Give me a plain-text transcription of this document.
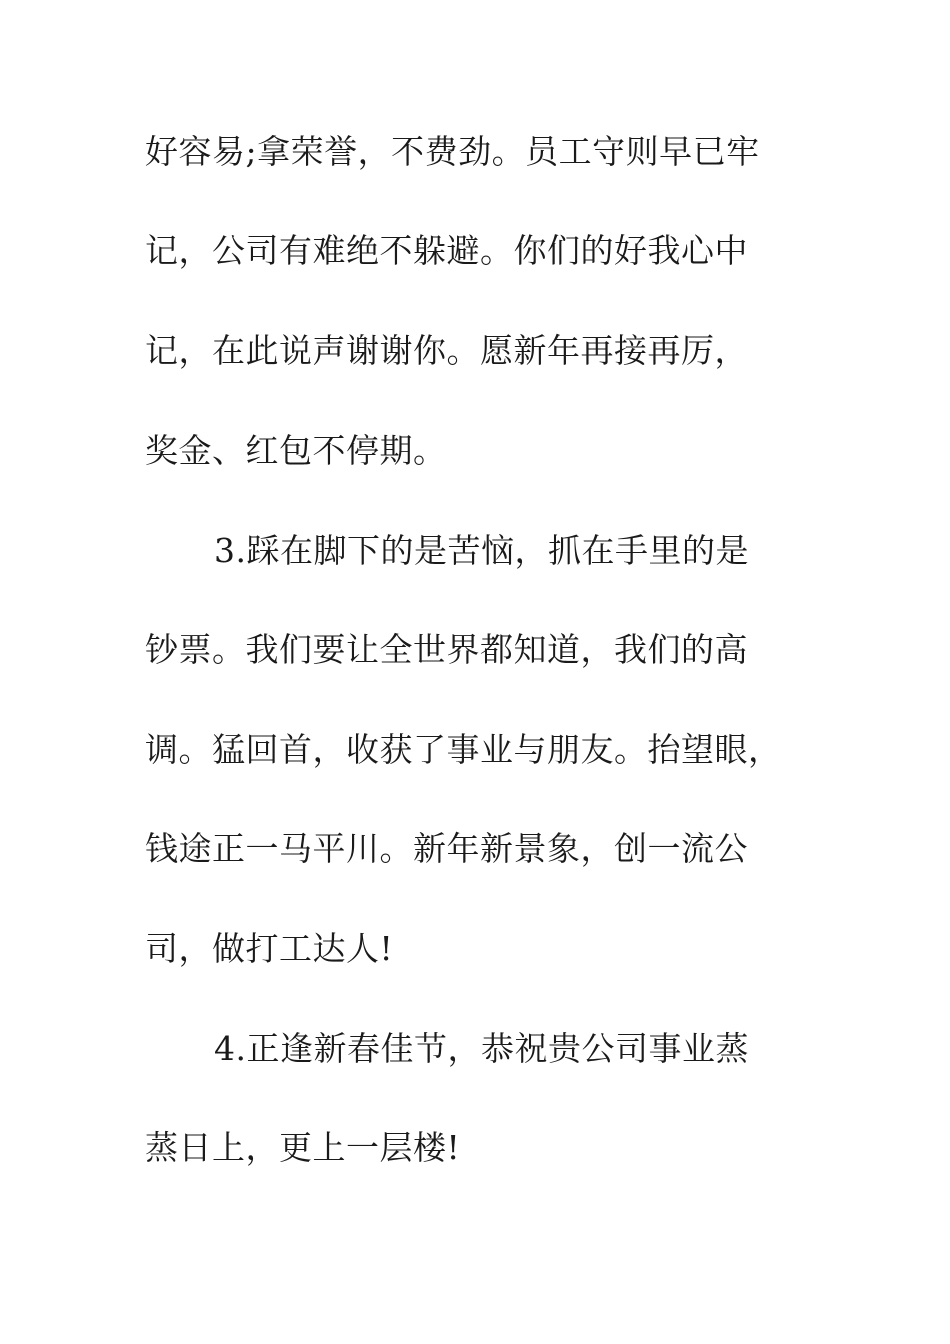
好容易;拿荣誉，不费劲。员工守则早已牢
记，公司有难绝不躲避。你们的好我心中
记，在此说声谢谢你。愿新年再接再厉，
奖金、红包不停期。
3.踩在脚下的是苦恼，抓在手里的是
钞票。我们要让全世界都知道，我们的高
调。猛回首，收获了事业与朋友。抬望眼，
钱途正一马平川。新年新景象，创一流公
司，做打工达人!
4.正逢新春佳节，恭祝贵公司事业蒸
蒸日上，更上一层楼!
